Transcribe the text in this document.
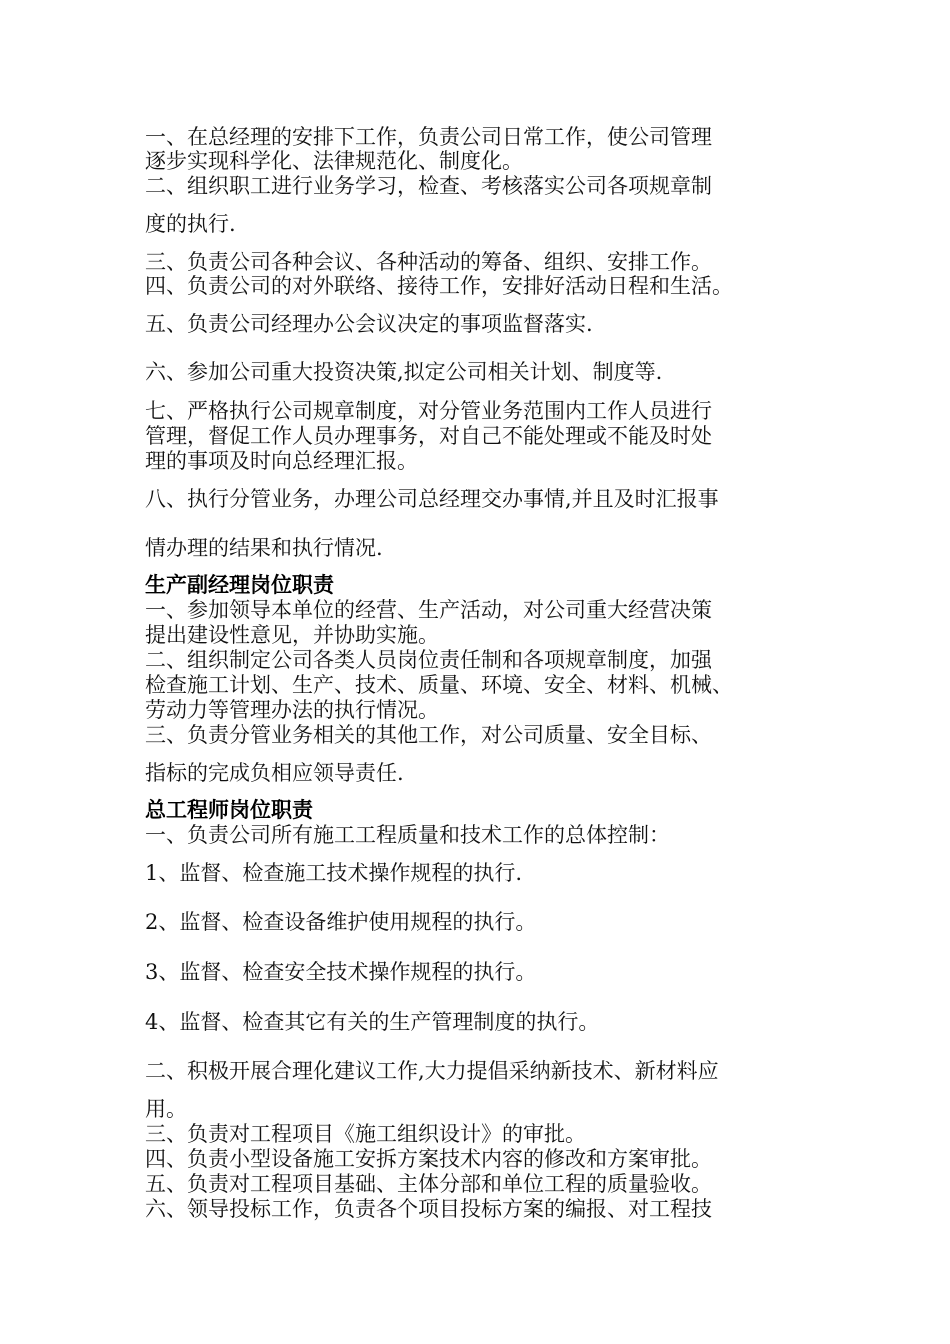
一、在总经理的安排下工作，负责公司日常工作，使公司管理
逐步实现科学化、法律规范化、制度化。
二、组织职工进行业务学习，检查、考核落实公司各项规章制
度的执行.
三、负责公司各种会议、各种活动的筹备、组织、安排工作。
四、负责公司的对外联络、接待工作，安排好活动日程和生活。
五、负责公司经理办公会议决定的事项监督落实.
六、参加公司重大投资决策,拟定公司相关计划、制度等.
七、严格执行公司规章制度，对分管业务范围内工作人员进行
管理，督促工作人员办理事务，对自己不能处理或不能及时处
理的事项及时向总经理汇报。
八、执行分管业务，办理公司总经理交办事情,并且及时汇报事
情办理的结果和执行情况.
生产副经理岗位职责
一、参加领导本单位的经营、生产活动，对公司重大经营决策
提出建设性意见，并协助实施。
二、组织制定公司各类人员岗位责任制和各项规章制度，加强
检查施工计划、生产、技术、质量、环境、安全、材料、机械、
劳动力等管理办法的执行情况。
三、负责分管业务相关的其他工作，对公司质量、安全目标、
指标的完成负相应领导责任.
总工程师岗位职责
一、负责公司所有施工工程质量和技术工作的总体控制：
1、监督、检查施工技术操作规程的执行.
2、监督、检查设备维护使用规程的执行。
3、监督、检查安全技术操作规程的执行。
4、监督、检查其它有关的生产管理制度的执行。
二、积极开展合理化建议工作,大力提倡采纳新技术、新材料应
用。
三、负责对工程项目《施工组织设计》的审批。
四、负责小型设备施工安拆方案技术内容的修改和方案审批。
五、负责对工程项目基础、主体分部和单位工程的质量验收。
六、领导投标工作，负责各个项目投标方案的编报、对工程技
